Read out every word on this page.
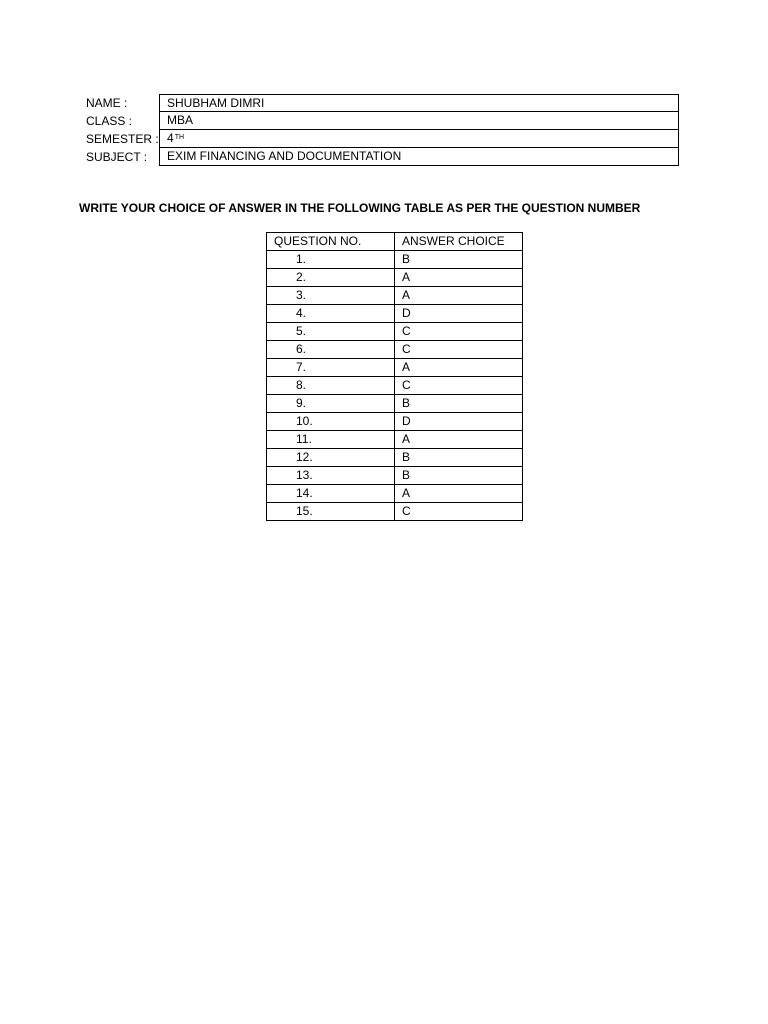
NAME :	SHUBHAM DIMRI
CLASS :	MBA
SEMESTER : 4TH
SUBJECT :	EXIM FINANCING AND DOCUMENTATION
WRITE YOUR CHOICE OF ANSWER IN THE FOLLOWING TABLE AS PER THE QUESTION NUMBER
QUESTION NO.	ANSWER CHOICE
1.	B
2.	A
3.	A
4.	D
5.	C
6.	C
7.	A
8.	C
9.	B
10.	D
11.	A
12.	B
13.	B
14.	A
15.	C
